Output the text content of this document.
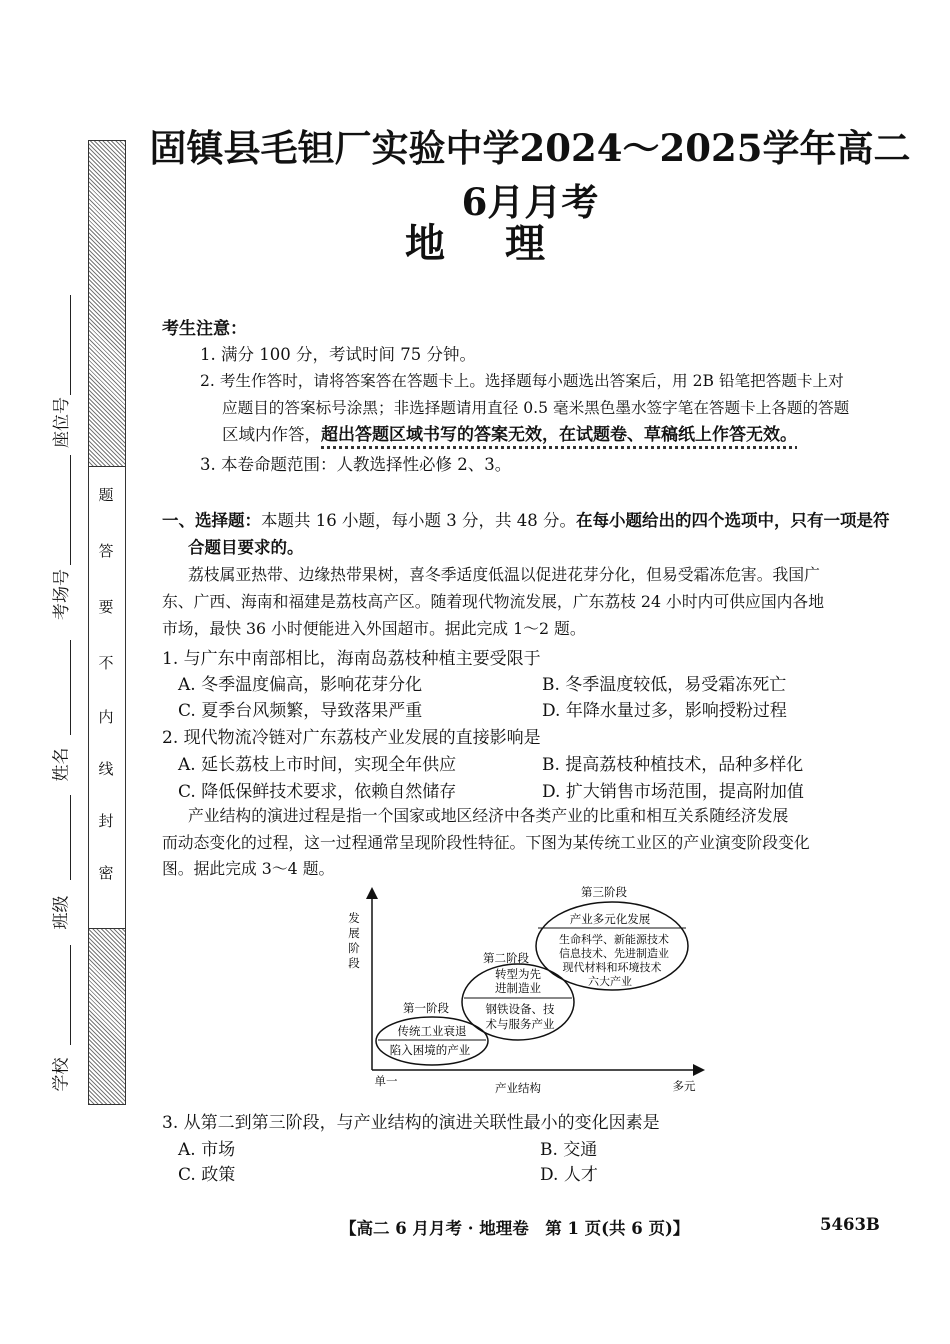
题
答
要
不
内
线
封
密
座位号
考场号
姓名
班级
学校
固镇县毛钽厂实验中学2024～2025学年高二6月月考
地理
考生注意：
1. 满分 100 分，考试时间 75 分钟。
2. 考生作答时，请将答案答在答题卡上。选择题每小题选出答案后，用 2B 铅笔把答题卡上对
应题目的答案标号涂黑；非选择题请用直径 0.5 毫米黑色墨水签字笔在答题卡上各题的答题
区域内作答，超出答题区域书写的答案无效，在试题卷、草稿纸上作答无效。
3. 本卷命题范围：人教选择性必修 2、3。
一、选择题：本题共 16 小题，每小题 3 分，共 48 分。在每小题给出的四个选项中，只有一项是符
合题目要求的。
荔枝属亚热带、边缘热带果树，喜冬季适度低温以促进花芽分化，但易受霜冻危害。我国广
东、广西、海南和福建是荔枝高产区。随着现代物流发展，广东荔枝 24 小时内可供应国内各地
市场，最快 36 小时便能进入外国超市。据此完成 1～2 题。
1. 与广东中南部相比，海南岛荔枝种植主要受限于
A. 冬季温度偏高，影响花芽分化	B. 冬季温度较低，易受霜冻死亡
C. 夏季台风频繁，导致落果严重	D. 年降水量过多，影响授粉过程
2. 现代物流冷链对广东荔枝产业发展的直接影响是
A. 延长荔枝上市时间，实现全年供应	B. 提高荔枝种植技术，品种多样化
C. 降低保鲜技术要求，依赖自然储存	D. 扩大销售市场范围，提高附加值
产业结构的演进过程是指一个国家或地区经济中各类产业的比重和相互关系随经济发展
而动态变化的过程，这一过程通常呈现阶段性特征。下图为某传统工业区的产业演变阶段变化
图。据此完成 3～4 题。
发
展
阶
段
单一	产业结构	多元
第一阶段
传统工业衰退
陷入困境的产业
第二阶段
转型为先
进制造业
钢铁设备、技
术与服务产业
第三阶段
产业多元化发展
生命科学、新能源技术
信息技术、先进制造业
现代材料和环境技术
六大产业
3. 从第二到第三阶段，与产业结构的演进关联性最小的变化因素是
A. 市场	B. 交通
C. 政策	D. 人才
【高二 6 月月考 · 地理卷　第 1 页(共 6 页)】	5463B
